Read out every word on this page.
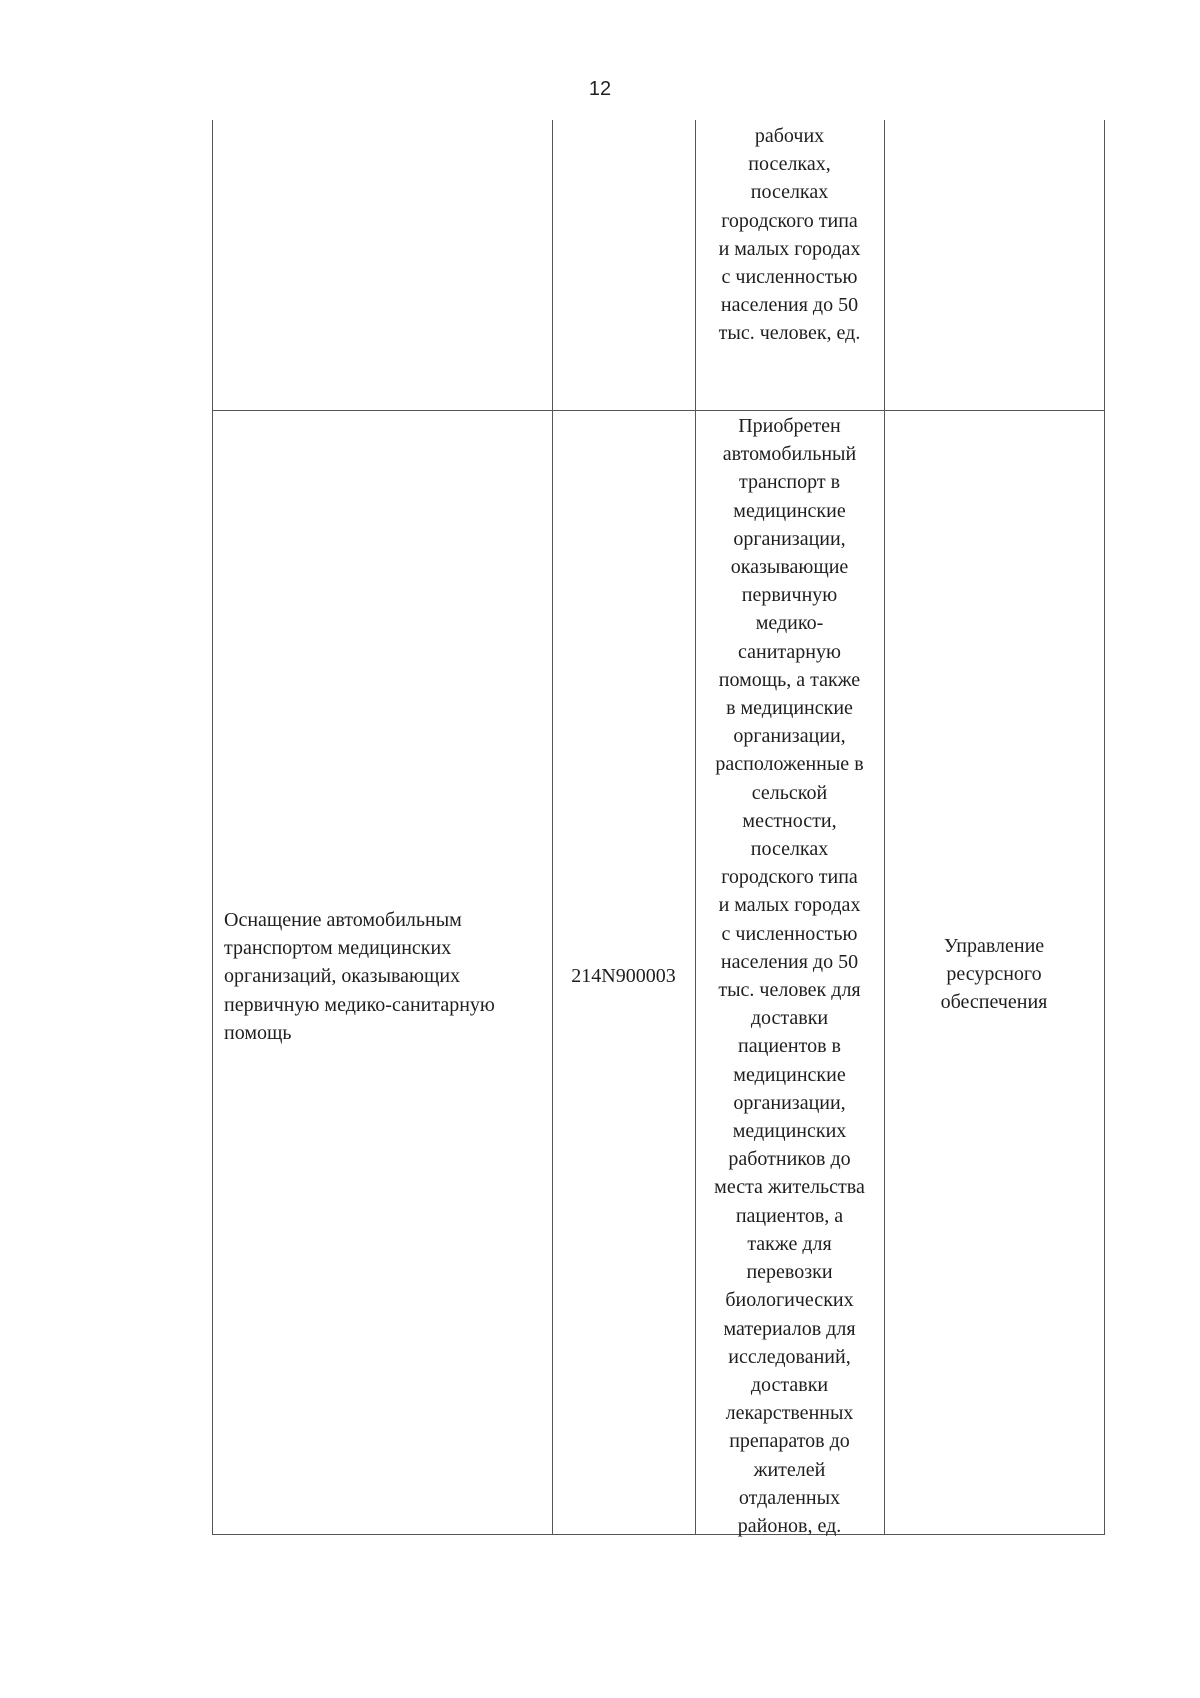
12
рабочих
поселках,
поселках
городского типа
и малых городах
с численностью
населения до 50
тыс. человек, ед.
Оснащение автомобильным
транспортом медицинских
организаций, оказывающих
первичную медико-санитарную
помощь
214N900003
Приобретен
автомобильный
транспорт в
медицинские
организации,
оказывающие
первичную
медико-
санитарную
помощь, а также
в медицинские
организации,
расположенные в
сельской
местности,
поселках
городского типа
и малых городах
с численностью
населения до 50
тыс. человек для
доставки
пациентов в
медицинские
организации,
медицинских
работников до
места жительства
пациентов, а
также для
перевозки
биологических
материалов для
исследований,
доставки
лекарственных
препаратов до
жителей
отдаленных
районов, ед.
Управление
ресурсного
обеспечения
